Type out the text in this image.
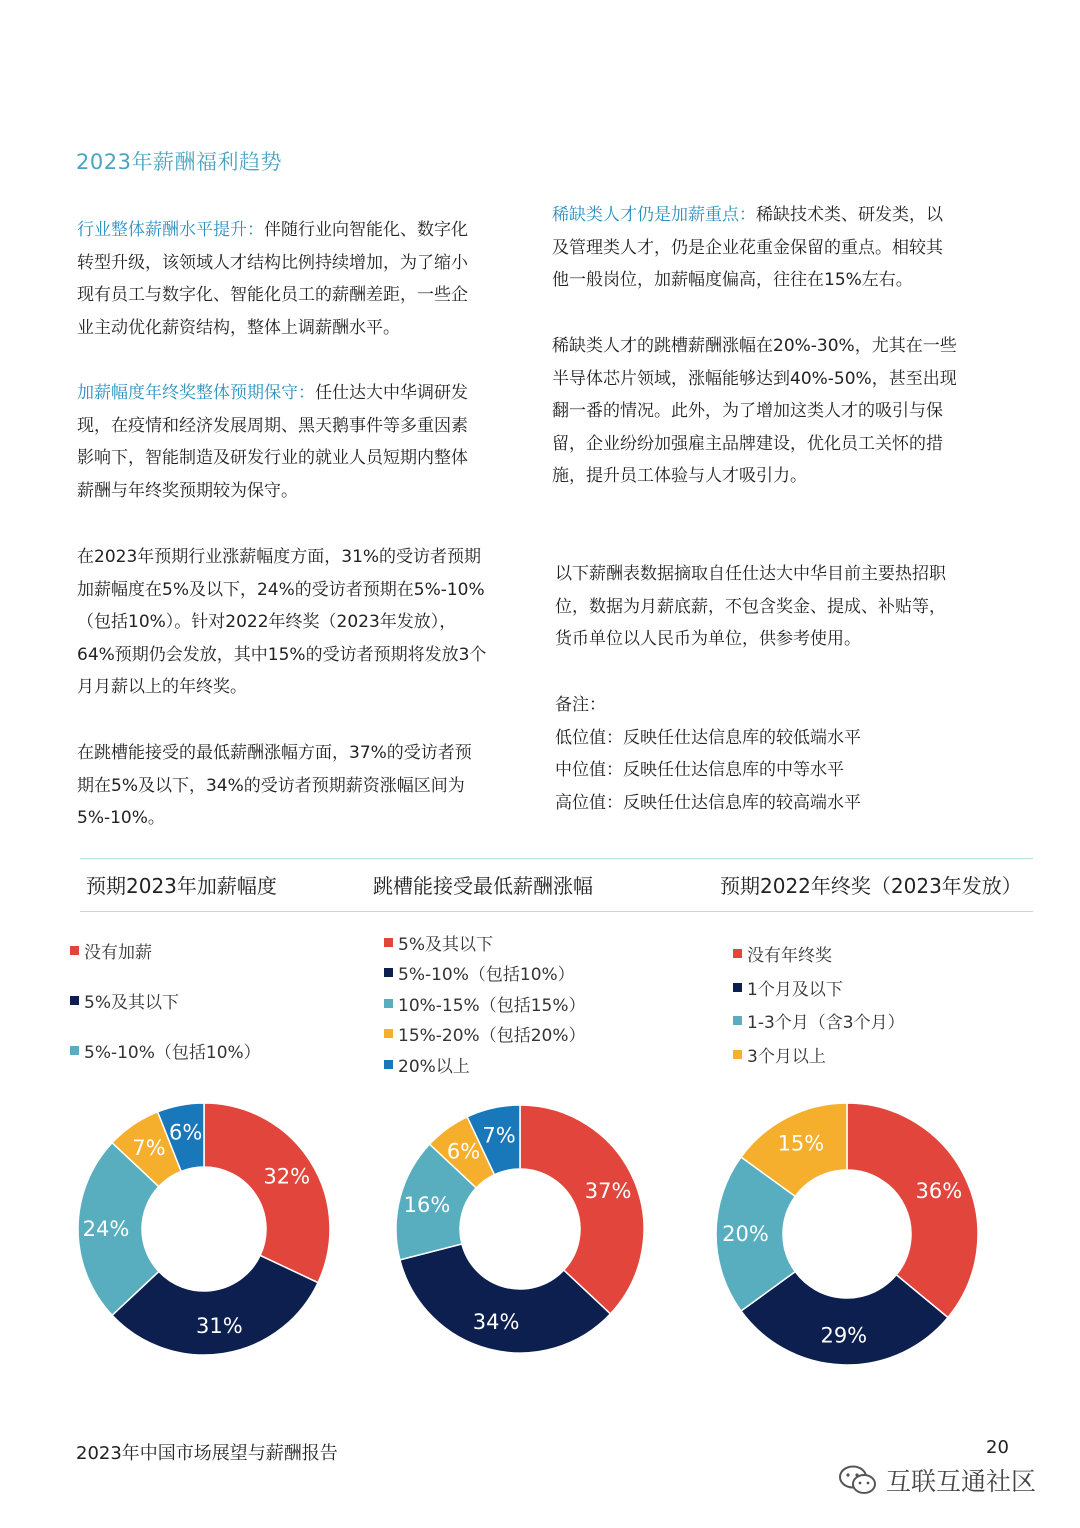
2023年薪酬福利趋势
行业整体薪酬水平提升：伴随行业向智能化、数字化
转型升级，该领域人才结构比例持续增加，为了缩小
现有员工与数字化、智能化员工的薪酬差距，一些企
业主动优化薪资结构，整体上调薪酬水平。
加薪幅度年终奖整体预期保守：任仕达大中华调研发
现，在疫情和经济发展周期、黑天鹅事件等多重因素
影响下，智能制造及研发行业的就业人员短期内整体
薪酬与年终奖预期较为保守。
在2023年预期行业涨薪幅度方面，31%的受访者预期
加薪幅度在5%及以下，24%的受访者预期在5%-10%
（包括10%）。针对2022年终奖（2023年发放），
64%预期仍会发放，其中15%的受访者预期将发放3个
月月薪以上的年终奖。
在跳槽能接受的最低薪酬涨幅方面，37%的受访者预
期在5%及以下，34%的受访者预期薪资涨幅区间为
5%-10%。
稀缺类人才仍是加薪重点：稀缺技术类、研发类，以
及管理类人才，仍是企业花重金保留的重点。相较其
他一般岗位，加薪幅度偏高，往往在15%左右。
稀缺类人才的跳槽薪酬涨幅在20%-30%，尤其在一些
半导体芯片领域，涨幅能够达到40%-50%，甚至出现
翻一番的情况。此外，为了增加这类人才的吸引与保
留，企业纷纷加强雇主品牌建设，优化员工关怀的措
施，提升员工体验与人才吸引力。
以下薪酬表数据摘取自任仕达大中华目前主要热招职
位，数据为月薪底薪，不包含奖金、提成、补贴等，
货币单位以人民币为单位，供参考使用。
备注：
低位值：反映任仕达信息库的较低端水平
中位值：反映任仕达信息库的中等水平
高位值：反映任仕达信息库的较高端水平
预期2023年加薪幅度	跳槽能接受最低薪酬涨幅	预期2022年终奖（2023年发放）
没有加薪
5%及其以下
5%-10%（包括10%）
5%及其以下
5%-10%（包括10%）
10%-15%（包括15%）
15%-20%（包括20%）
20%以上
没有年终奖
1个月及以下
1-3个月（含3个月）
3个月以上
32%
31%
24%
7%
6%
37%
34%
16%
6%
7%
36%
29%
20%
15%
2023年中国市场展望与薪酬报告	20
互联互通社区
